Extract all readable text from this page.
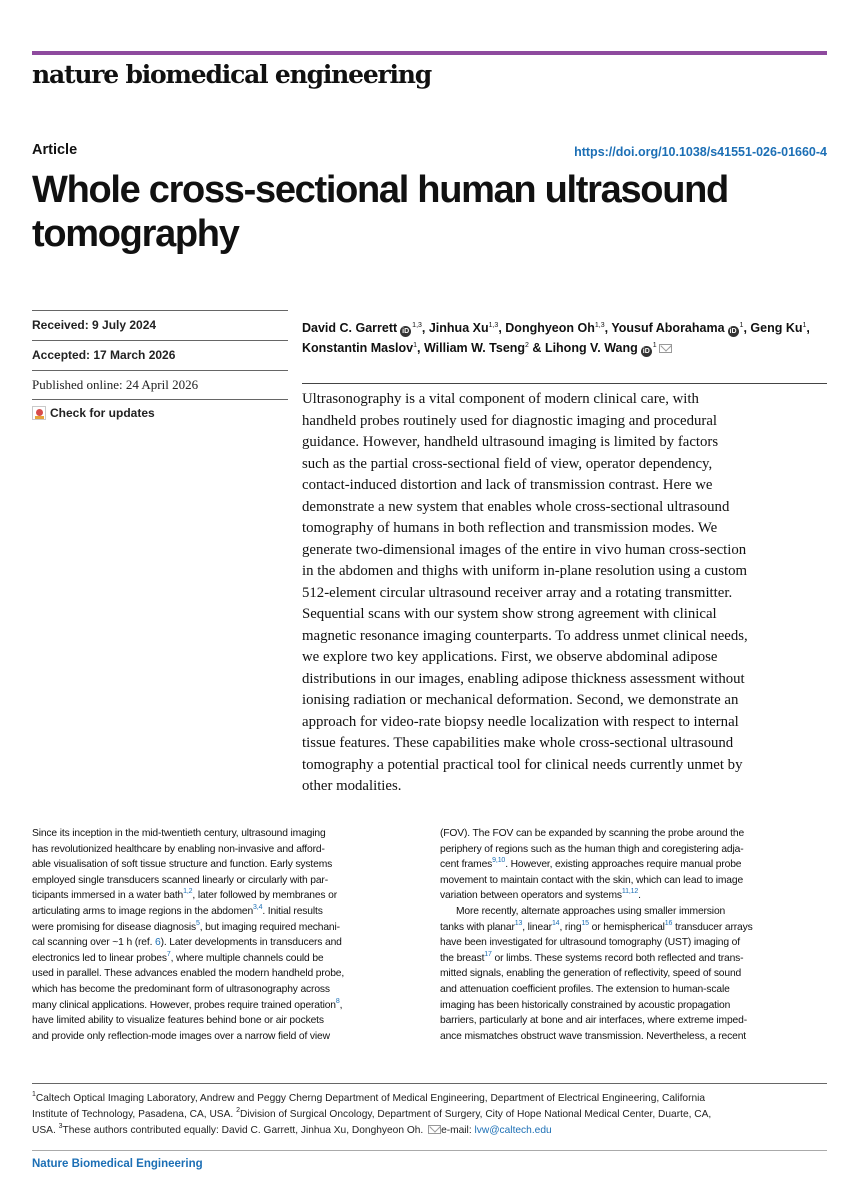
nature biomedical engineering
Article	https://doi.org/10.1038/s41551-026-01660-4
Whole cross-sectional human ultrasound
tomography
Received: 9 July 2024
Accepted: 17 March 2026
Published online: 24 April 2026
Check for updates
David C. Garrett iD$^{1,3}$, Jinhua Xu$^{1,3}$, Donghyeon Oh$^{1,3}$, Yousuf Aborahama $iD^1$, Geng Ku$^1$, Konstantin Maslov$^1$, William W. Tseng$^2$ & Lihong V. Wang $iD^1$
Ultrasonography is a vital component of modern clinical care, with
handheld probes routinely used for diagnostic imaging and procedural
guidance. However, handheld ultrasound imaging is limited by factors
such as the partial cross-sectional field of view, operator dependency,
contact-induced distortion and lack of transmission contrast. Here we
demonstrate a new system that enables whole cross-sectional ultrasound
tomography of humans in both reflection and transmission modes. We
generate two-dimensional images of the entire in vivo human cross-section
in the abdomen and thighs with uniform in-plane resolution using a custom
512-element circular ultrasound receiver array and a rotating transmitter.
Sequential scans with our system show strong agreement with clinical
magnetic resonance imaging counterparts. To address unmet clinical needs,
we explore two key applications. First, we observe abdominal adipose
distributions in our images, enabling adipose thickness assessment without
ionising radiation or mechanical deformation. Second, we demonstrate an
approach for video-rate biopsy needle localization with respect to internal
tissue features. These capabilities make whole cross-sectional ultrasound
tomography a potential practical tool for clinical needs currently unmet by
other modalities.
Since its inception in the mid-twentieth century, ultrasound imaging
has revolutionized healthcare by enabling non-invasive and afford-
able visualisation of soft tissue structure and function. Early systems
employed single transducers scanned linearly or circularly with par-
ticipants immersed in a water bath$^{1,2}$, later followed by membranes or
articulating arms to image regions in the abdomen$^{3,4}$. Initial results
were promising for disease diagnosis$^5$, but imaging required mechani-
cal scanning over ~1 h (ref. 6). Later developments in transducers and
electronics led to linear probes$^7$, where multiple channels could be
used in parallel. These advances enabled the modern handheld probe,
which has become the predominant form of ultrasonography across
many clinical applications. However, probes require trained operation$^8$,
have limited ability to visualize features behind bone or air pockets
and provide only reflection-mode images over a narrow field of view
(FOV). The FOV can be expanded by scanning the probe around the
periphery of regions such as the human thigh and coregistering adja-
cent frames$^{9,10}$. However, existing approaches require manual probe
movement to maintain contact with the skin, which can lead to image
variation between operators and systems$^{11,12}$.
More recently, alternate approaches using smaller immersion
tanks with planar$^{13}$, linear$^{14}$, ring$^{15}$ or hemispherical$^{16}$ transducer arrays
have been investigated for ultrasound tomography (UST) imaging of
the breast$^{17}$ or limbs. These systems record both reflected and trans-
mitted signals, enabling the generation of reflectivity, speed of sound
and attenuation coefficient profiles. The extension to human-scale
imaging has been historically constrained by acoustic propagation
barriers, particularly at bone and air interfaces, where extreme imped-
ance mismatches obstruct wave transmission. Nevertheless, a recent
$^1$Caltech Optical Imaging Laboratory, Andrew and Peggy Cherng Department of Medical Engineering, Department of Electrical Engineering, California
Institute of Technology, Pasadena, CA, USA. $^2$Division of Surgical Oncology, Department of Surgery, City of Hope National Medical Center, Duarte, CA,
USA. $^3$These authors contributed equally: David C. Garrett, Jinhua Xu, Donghyeon Oh. e-mail: lvw@caltech.edu
Nature Biomedical Engineering
